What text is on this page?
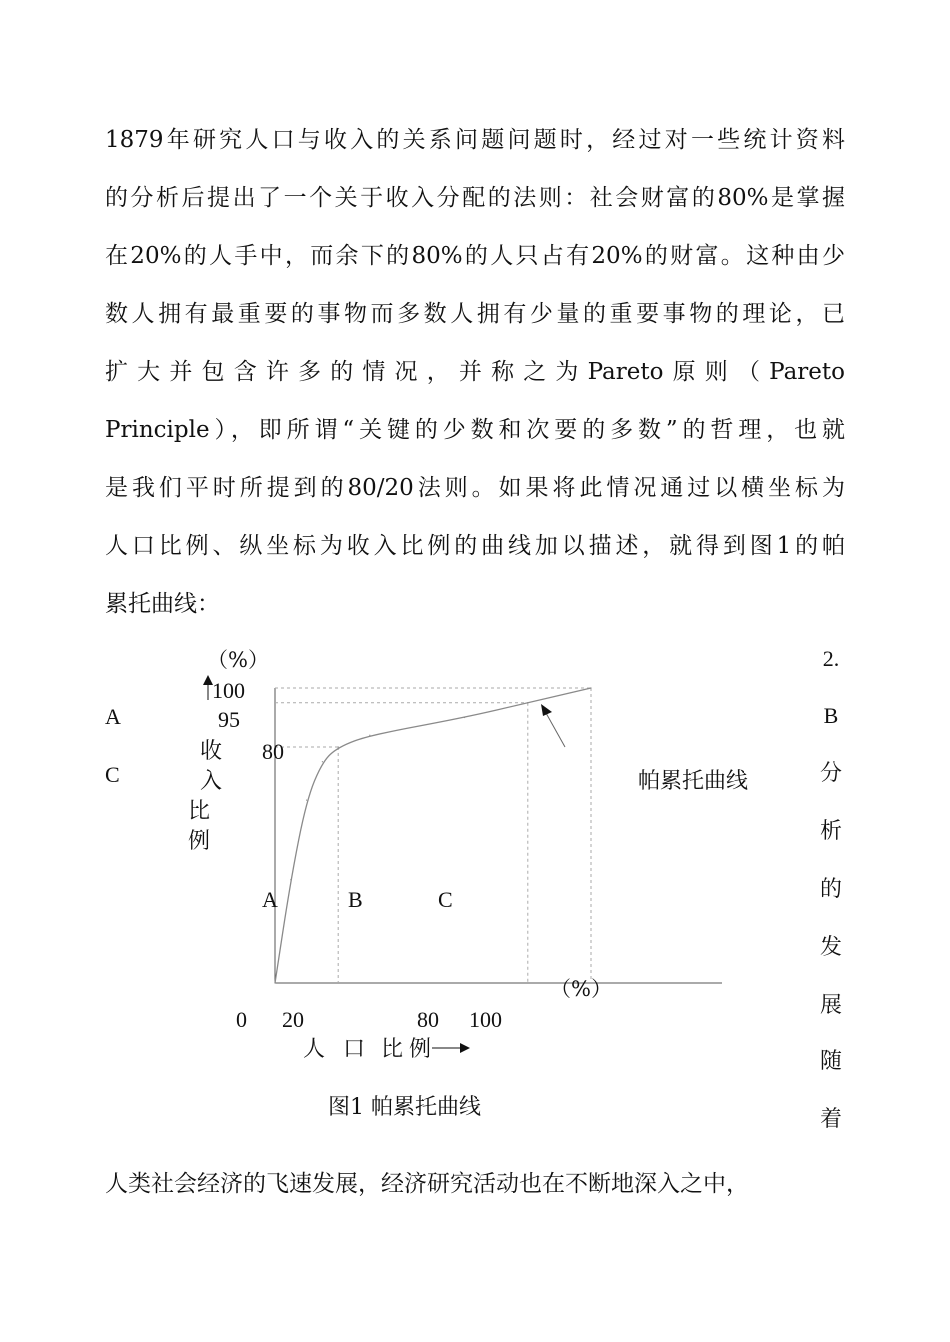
1879年研究人口与收入的关系问题问题时，经过对一些统计资料
的分析后提出了一个关于收入分配的法则：社会财富的80%是掌握
在20%的人手中，而余下的80%的人只占有20%的财富。这种由少
数人拥有最重要的事物而多数人拥有少量的重要事物的理论，已
扩大并包含许多的情况，并称之为Pareto原则（Pareto
Principle），即所谓“关键的少数和次要的多数”的哲理，也就
是我们平时所提到的80/20法则。如果将此情况通过以横坐标为
人口比例、纵坐标为收入比例的曲线加以描述，就得到图1的帕
累托曲线：
（%）
100
95
80
收
入
比
例
A
C
A	B	C
帕累托曲线
（%）
0 20	80 100
人 口 比 例
图1 帕累托曲线
2.
B
分
析
的
发
展
随
着
人类社会经济的飞速发展，经济研究活动也在不断地深入之中，
